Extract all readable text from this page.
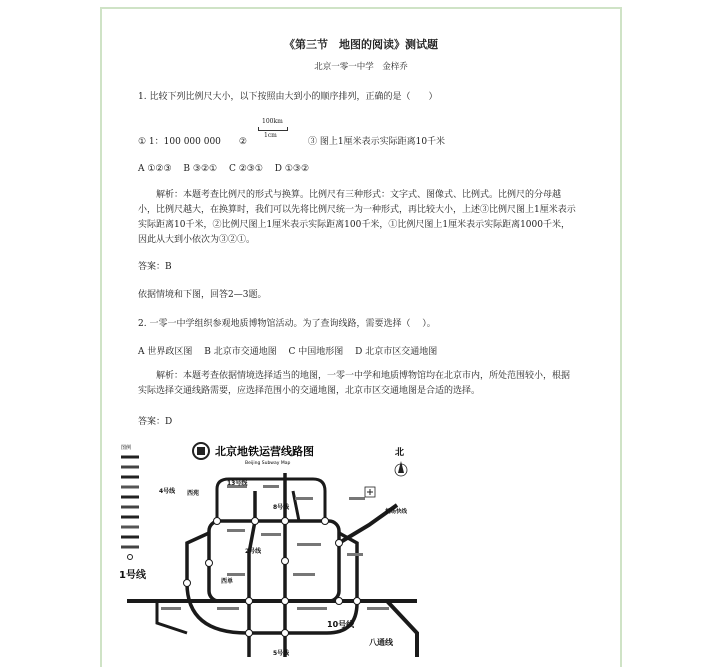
《第三节　地图的阅读》测试题
北京一零一中学　金梓乔
1. 比较下列比例尺大小，以下按照由大到小的顺序排列，正确的是（　　）
① 1：100 000 000　　②
100km
1cm
③ 图上1厘米表示实际距离10千米
A ①②③　 B ③②①　 C ②③①　 D ①③②
解析：本题考查比例尺的形式与换算。比例尺有三种形式：文字式、图像式、比例式。比例尺的分母越小，比例尺越大，在换算时，我们可以先将比例尺统一为一种形式，再比较大小，上述③比例尺图上1厘米表示实际距离10千米，②比例尺图上1厘米表示实际距离100千米，①比例尺图上1厘米表示实际距离1000千米，因此从大到小依次为③②①。
答案：B
依据情境和下图，回答2—3题。
2. 一零一中学组织参观地质博物馆活动。为了查询线路，需要选择（　 ）。
A 世界政区图　 B 北京市交通地图　 C 中国地形图　 D 北京市区交通地图
解析：本题考查依据情境选择适当的地图，一零一中学和地质博物馆均在北京市内，所处范围较小，根据实际选择交通线路需要，应选择范围小的交通地图，北京市区交通地图是合适的选择。
答案：D
北京地铁运营线路图
Beijing Subway Map
北
图例
13号线
4号线 西苑
8号线
机场快线
2号线
西单
1号线
10号线
八通线
5号线
